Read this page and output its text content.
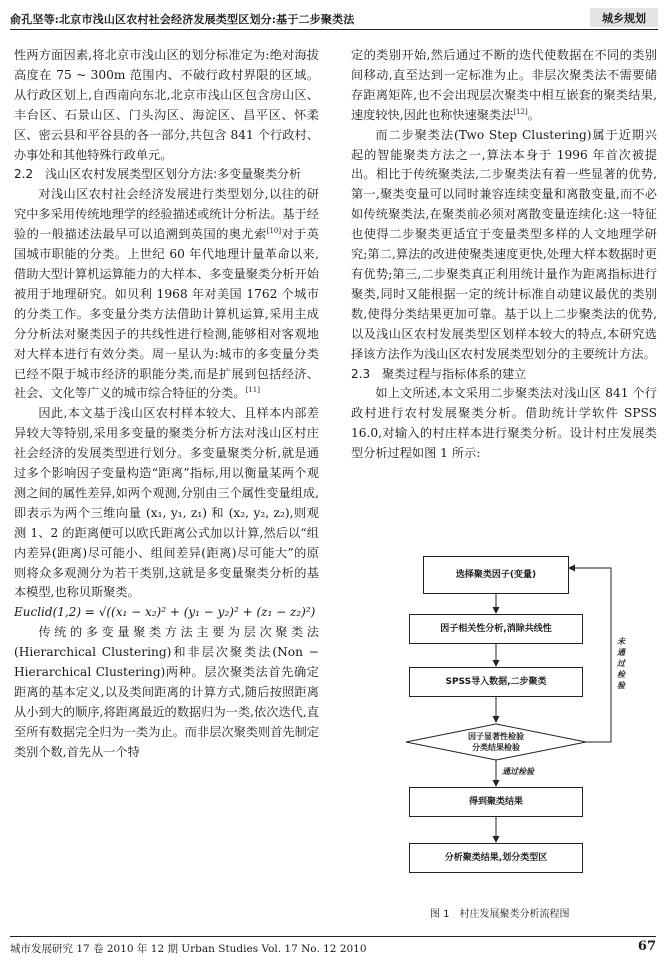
俞孔坚等:北京市浅山区农村社会经济发展类型区划分:基于二步聚类法	城乡规划

性两方面因素,将北京市浅山区的划分标准定为:绝对海拔高度在 75 ~ 300m 范围内、不破行政村界限的区域。从行政区划上,自西南向东北,北京市浅山区包含房山区、丰台区、石景山区、门头沟区、海淀区、昌平区、怀柔区、密云县和平谷县的各一部分,共包含 841 个行政村、办事处和其他特殊行政单元。

2.2　浅山区农村发展类型区划分方法:多变量聚类分析

对浅山区农村社会经济发展进行类型划分,以往的研究中多采用传统地理学的经验描述或统计分析法。基于经验的一般描述法最早可以追溯到英国的奥尤索[10]对于英国城市职能的分类。上世纪 60 年代地理计量革命以来,借助大型计算机运算能力的大样本、多变量聚类分析开始被用于地理研究。如贝利 1968 年对美国 1762 个城市的分类工作。多变量分类方法借助计算机运算,采用主成分分析法对聚类因子的共线性进行检测,能够相对客观地对大样本进行有效分类。周一星认为:城市的多变量分类已经不限于城市经济的职能分类,而是扩展到包括经济、社会、文化等广义的城市综合特征的分类。[11]

因此,本文基于浅山区农村样本较大、且样本内部差异较大等特别,采用多变量的聚类分析方法对浅山区村庄社会经济的发展类型进行划分。多变量聚类分析,就是通过多个影响因子变量构造“距离”指标,用以衡量某两个观测之间的属性差异,如两个观测,分别由三个属性变量组成,即表示为两个三维向量 (x₁, y₁, z₁) 和 (x₂, y₂, z₂),则观测 1、2 的距离便可以欧氏距离公式加以计算,然后以“组内差异(距离)尽可能小、组间差异(距离)尽可能大”的原则将众多观测分为若干类别,这就是多变量聚类分析的基本模型,也称贝斯聚类。

Euclid(1,2) = √((x₁ − x₂)² + (y₁ − y₂)² + (z₁ − z₂)²)

传统的多变量聚类方法主要为层次聚类法(Hierarchical Clustering)和非层次聚类法(Non − Hierarchical Clustering)两种。层次聚类法首先确定距离的基本定义,以及类间距离的计算方式,随后按照距离从小到大的顺序,将距离最近的数据归为一类,依次迭代,直至所有数据完全归为一类为止。而非层次聚类则首先制定类别个数,首先从一个特

定的类别开始,然后通过不断的迭代使数据在不同的类别间移动,直至达到一定标准为止。非层次聚类法不需要储存距离矩阵,也不会出现层次聚类中相互嵌套的聚类结果,速度较快,因此也称快速聚类法[12]。

而二步聚类法(Two Step Clustering)属于近期兴起的智能聚类方法之一,算法本身于 1996 年首次被提出。相比于传统聚类法,二步聚类法有着一些显著的优势,第一,聚类变量可以同时兼容连续变量和离散变量,而不必如传统聚类法,在聚类前必须对离散变量连续化:这一特征也使得二步聚类更适宜于变量类型多样的人文地理学研究;第二,算法的改进使聚类速度更快,处理大样本数据时更有优势;第三,二步聚类真正利用统计量作为距离指标进行聚类,同时又能根据一定的统计标准自动建议最优的类别数,使得分类结果更加可靠。基于以上二步聚类法的优势,以及浅山区农村发展类型区划样本较大的特点,本研究选择该方法作为浅山区农村发展类型划分的主要统计方法。

2.3　聚类过程与指标体系的建立

如上文所述,本文采用二步聚类法对浅山区 841 个行政村进行农村发展聚类分析。借助统计学软件 SPSS 16.0,对输入的村庄样本进行聚类分析。设计村庄发展类型分析过程如图 1 所示:

选择聚类因子(变量)
因子相关性分析,消除共线性
SPSS导入数据,二步聚类
因子显著性检验
分类结果检验
通过检验
未通过检验
得到聚类结果
分析聚类结果,划分类型区
图 1　村庄发展聚类分析流程图
城市发展研究 17 卷 2010 年 12 期 Urban Studies Vol. 17 No. 12 2010	67
